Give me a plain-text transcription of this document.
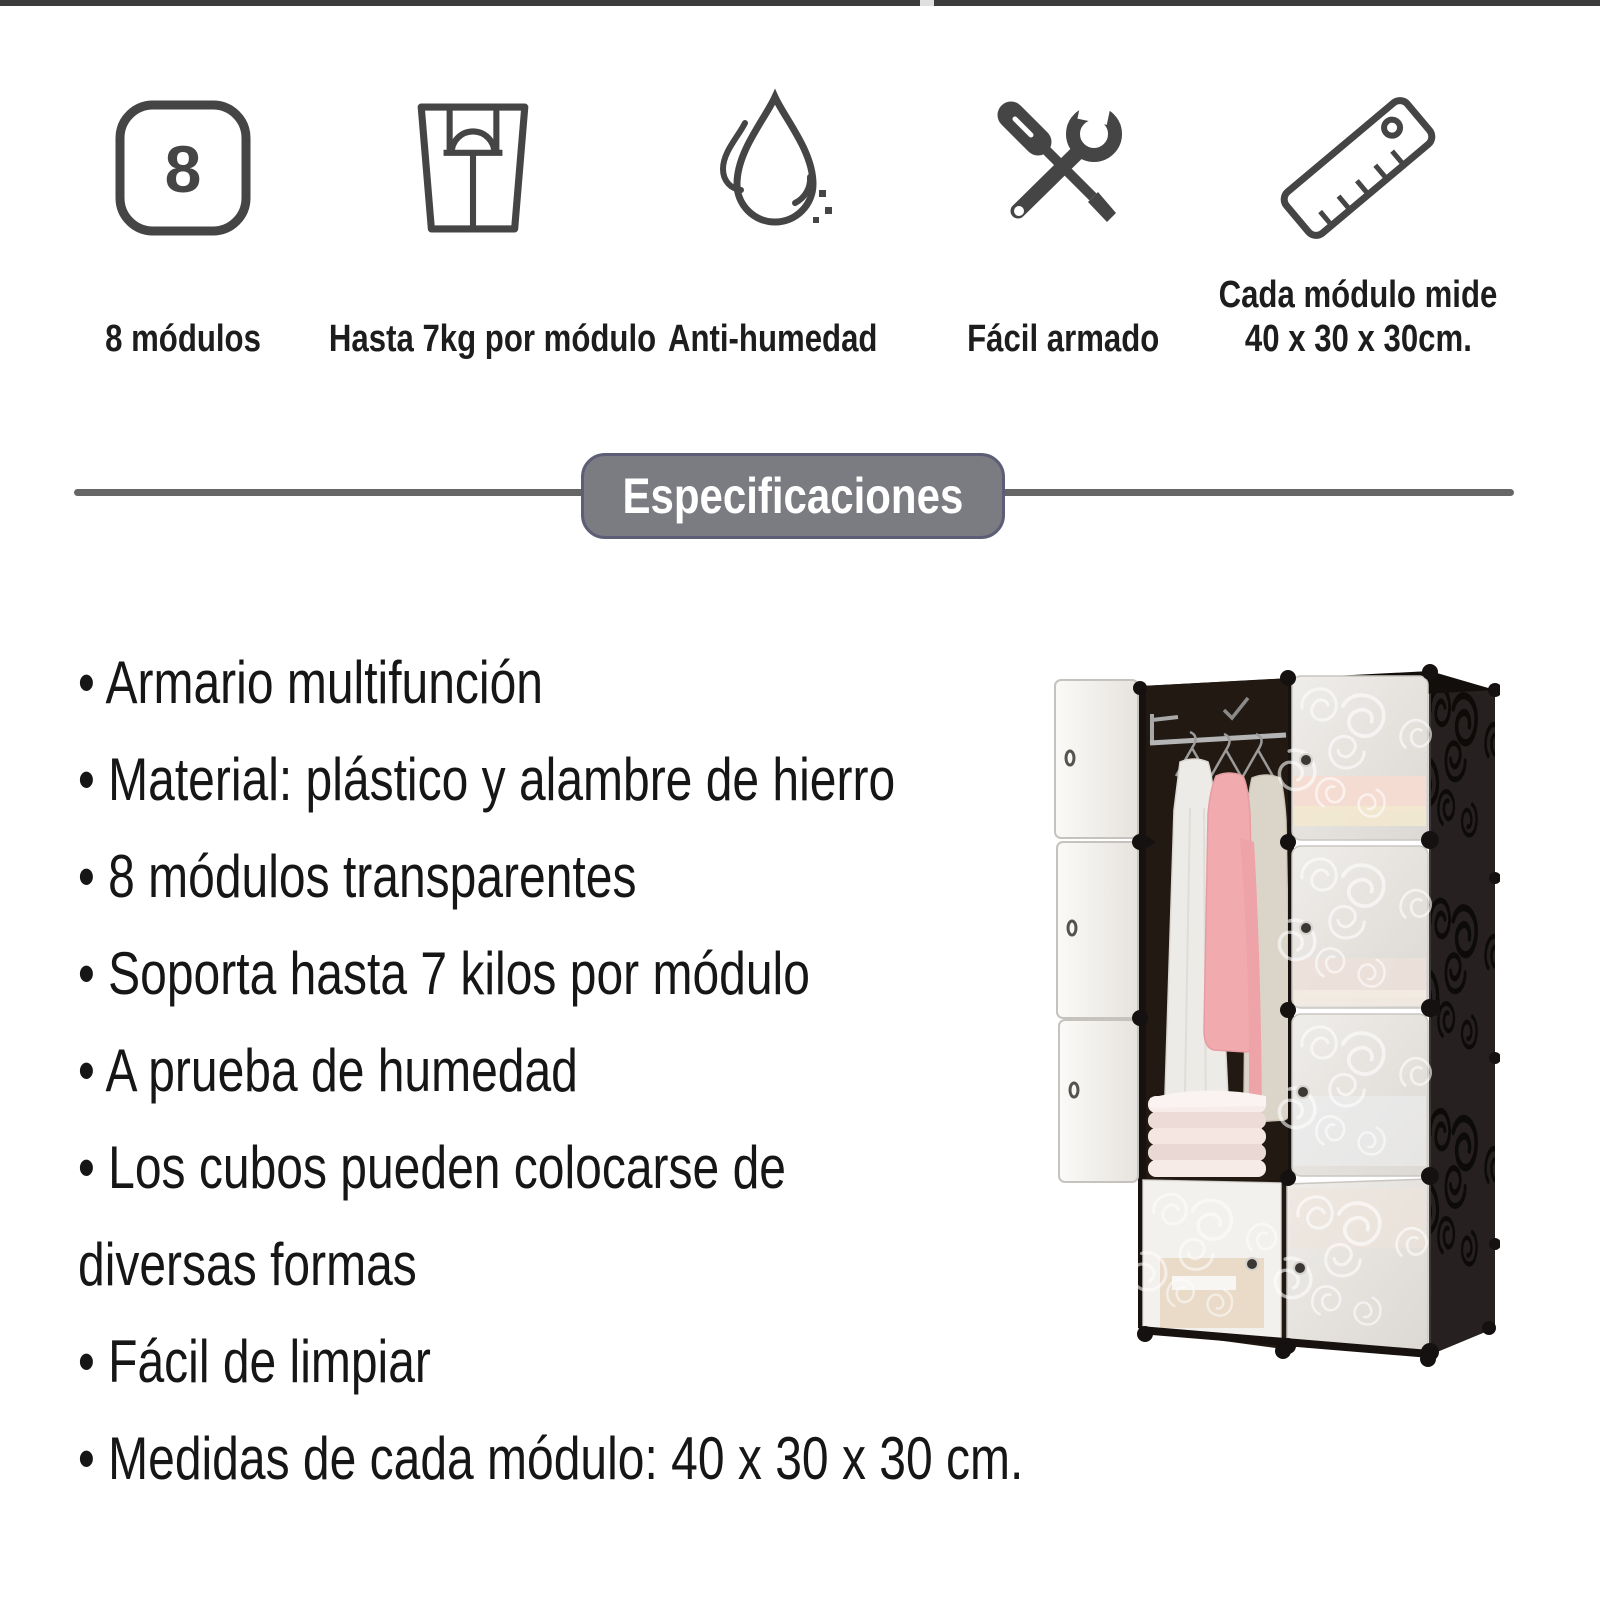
8
8 módulos	Hasta 7kg por módulo Anti-humedad	Fácil armado
Cada módulo mide
40 x 30 x 30cm.
Especificaciones
• Armario multifunción
• Material: plástico y alambre de hierro
• 8 módulos transparentes
• Soporta hasta 7 kilos por módulo
• A prueba de humedad
• Los cubos pueden colocarse de
diversas formas
• Fácil de limpiar
• Medidas de cada módulo: 40 x 30 x 30 cm.
